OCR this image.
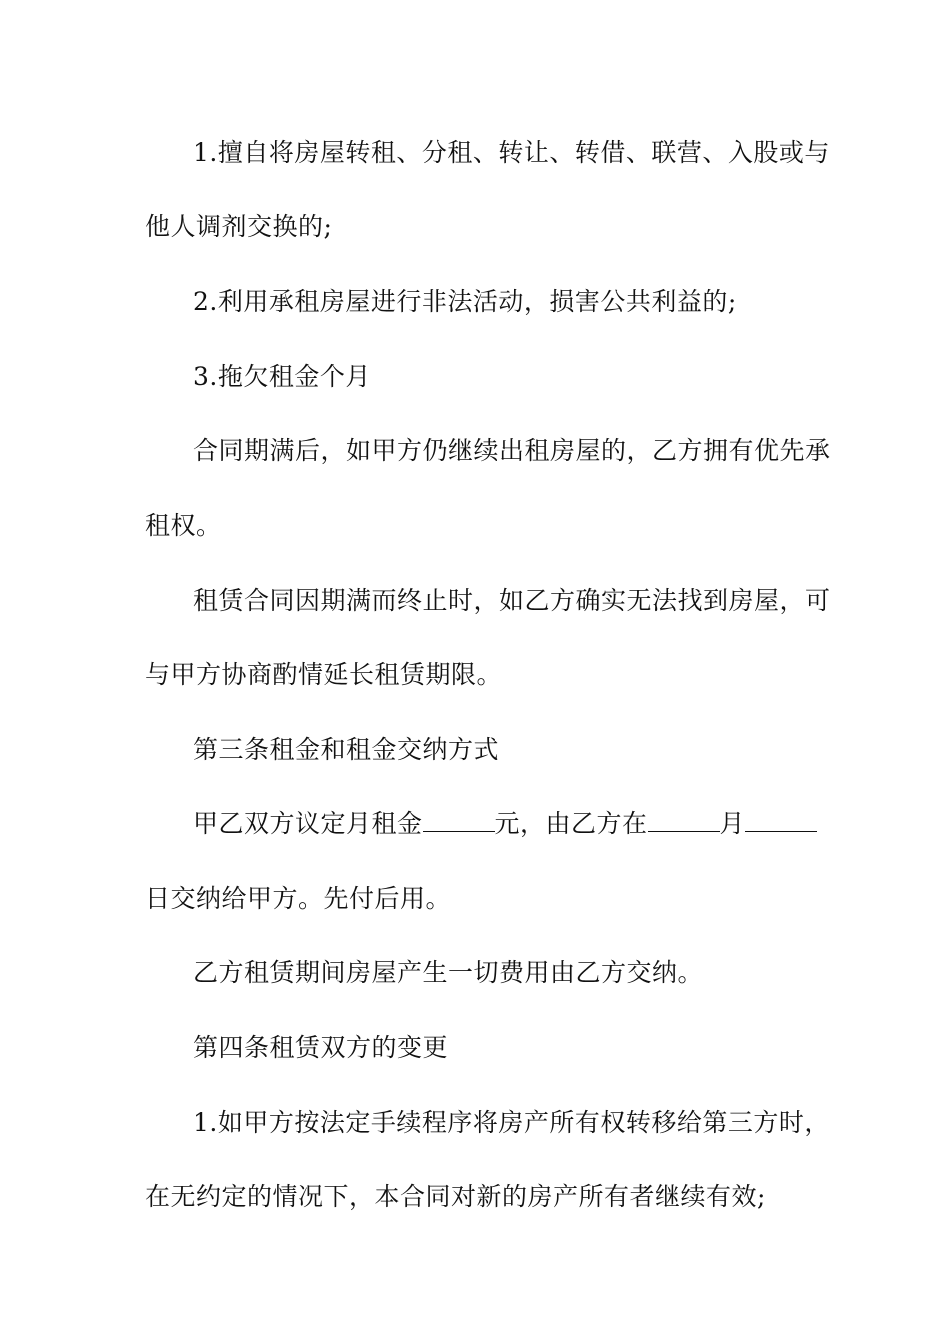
1.擅自将房屋转租、分租、转让、转借、联营、入股或与
他人调剂交换的;
2.利用承租房屋进行非法活动，损害公共利益的;
3.拖欠租金个月
合同期满后，如甲方仍继续出租房屋的，乙方拥有优先承
租权。
租赁合同因期满而终止时，如乙方确实无法找到房屋，可
与甲方协商酌情延长租赁期限。
第三条租金和租金交纳方式
甲乙双方议定月租金	元，由乙方在	月
日交纳给甲方。先付后用。
乙方租赁期间房屋产生一切费用由乙方交纳。
第四条租赁双方的变更
1.如甲方按法定手续程序将房产所有权转移给第三方时，
在无约定的情况下，本合同对新的房产所有者继续有效;
